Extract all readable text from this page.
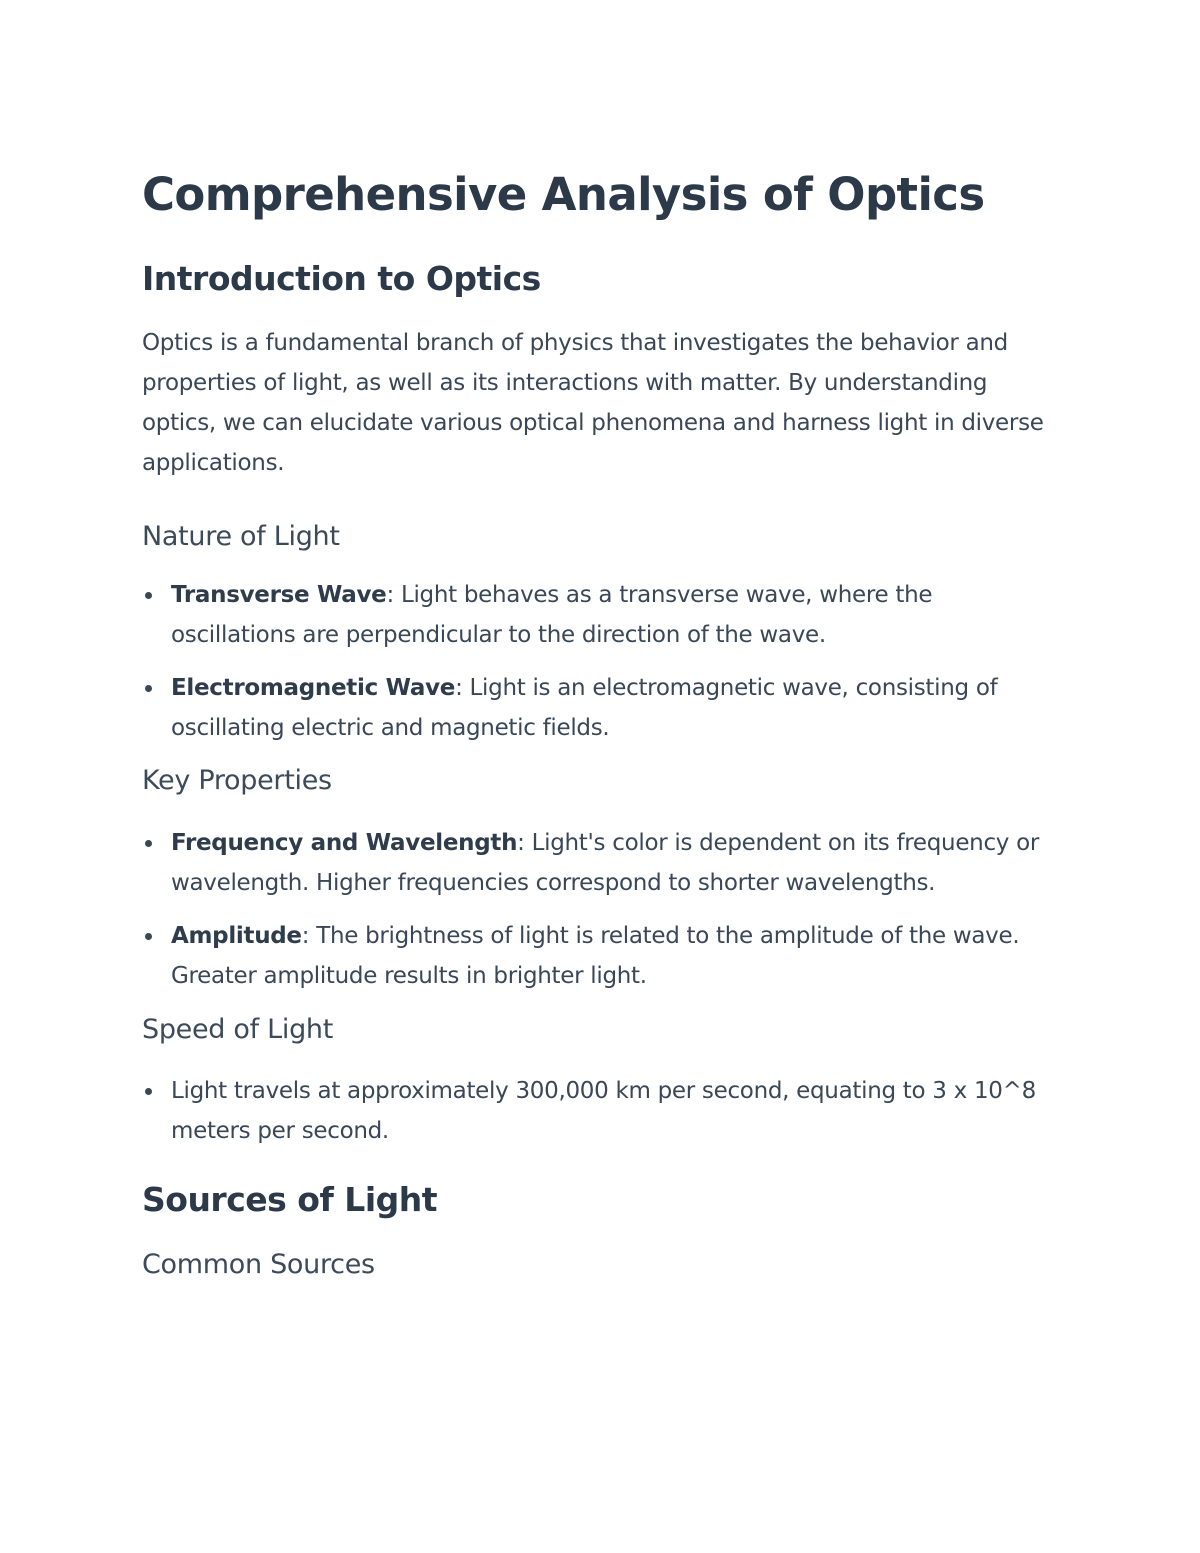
Comprehensive Analysis of Optics
Introduction to Optics

Optics is a fundamental branch of physics that investigates the behavior and properties of light, as well as its interactions with matter. By understanding optics, we can elucidate various optical phenomena and harness light in diverse applications.

Nature of Light
Transverse Wave: Light behaves as a transverse wave, where the oscillations are perpendicular to the direction of the wave.
Electromagnetic Wave: Light is an electromagnetic wave, consisting of oscillating electric and magnetic fields.
Key Properties
Frequency and Wavelength: Light's color is dependent on its frequency or wavelength. Higher frequencies correspond to shorter wavelengths.
Amplitude: The brightness of light is related to the amplitude of the wave. Greater amplitude results in brighter light.
Speed of Light
Light travels at approximately 300,000 km per second, equating to 3 x 10^8 meters per second.
Sources of Light
Common Sources
